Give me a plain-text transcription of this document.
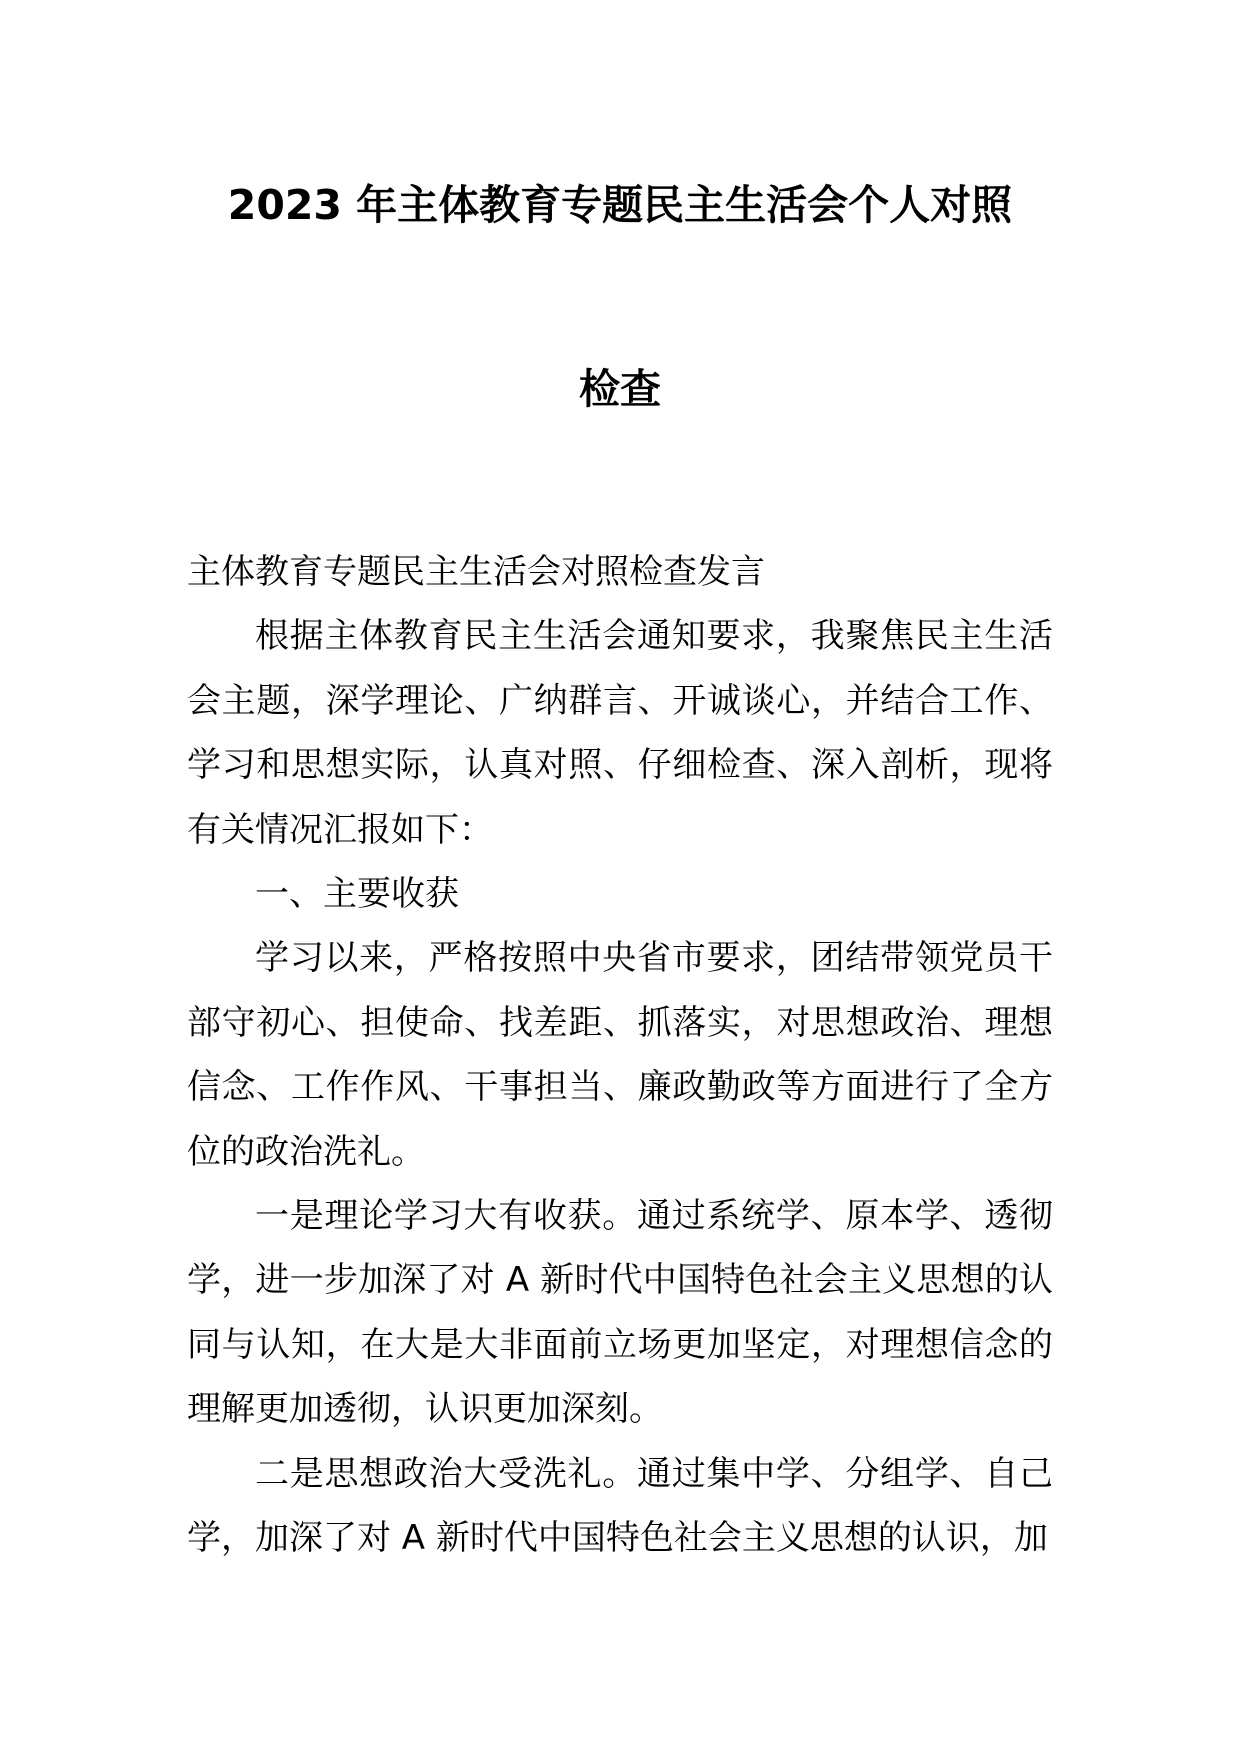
2023 年主体教育专题民主生活会个人对照
检查

主体教育专题民主生活会对照检查发言

根据主体教育民主生活会通知要求，我聚焦民主生活会主题，深学理论、广纳群言、开诚谈心，并结合工作、学习和思想实际，认真对照、仔细检查、深入剖析，现将有关情况汇报如下：

一、主要收获

学习以来，严格按照中央省市要求，团结带领党员干部守初心、担使命、找差距、抓落实，对思想政治、理想信念、工作作风、干事担当、廉政勤政等方面进行了全方位的政治洗礼。

一是理论学习大有收获。通过系统学、原本学、透彻学，进一步加深了对 A 新时代中国特色社会主义思想的认同与认知，在大是大非面前立场更加坚定，对理想信念的理解更加透彻，认识更加深刻。

二是思想政治大受洗礼。通过集中学、分组学、自己学，加深了对 A 新时代中国特色社会主义思想的认识，加
